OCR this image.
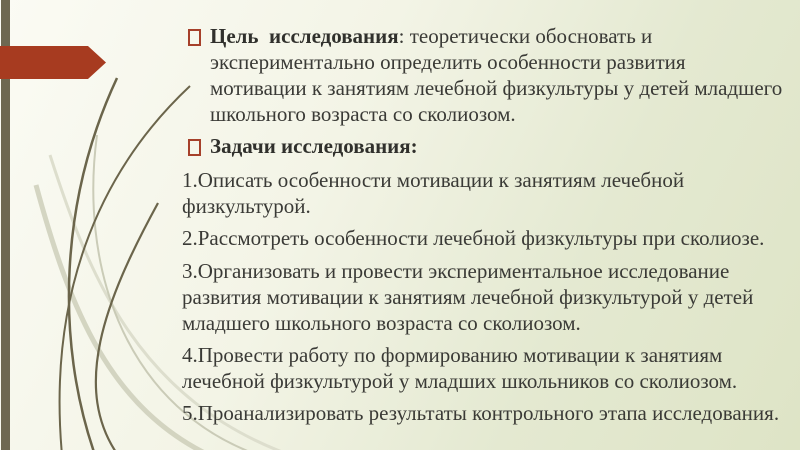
Цель  исследования: теоретически обосновать и экспериментально определить особенности развития мотивации к занятиям лечебной физкультуры у детей младшего школьного возраста со сколиозом.
Задачи исследования:

1.Описать особенности мотивации к занятиям лечебной физкультурой.

2.Рассмотреть особенности лечебной физкультуры при сколиозе.

3.Организовать и провести экспериментальное исследование развития мотивации к занятиям лечебной физкультурой у детей младшего школьного возраста со сколиозом.

4.Провести работу по формированию мотивации к занятиям лечебной физкультурой у младших школьников со сколиозом.

5.Проанализировать результаты контрольного этапа исследования.
